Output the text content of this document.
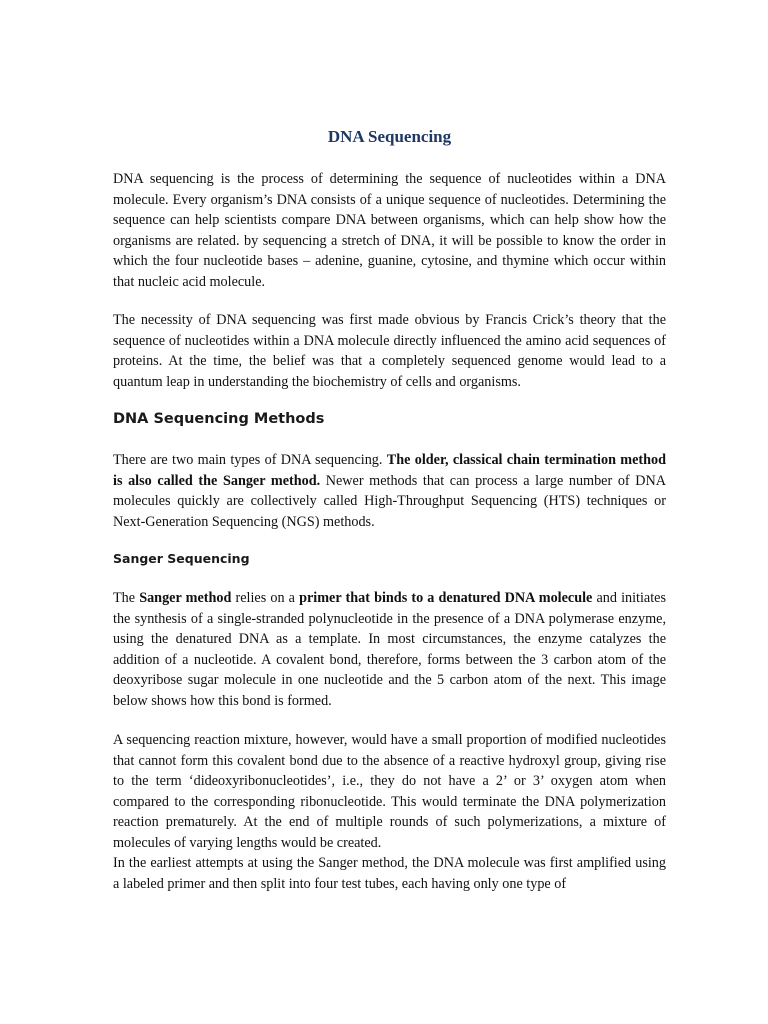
DNA Sequencing

DNA sequencing is the process of determining the sequence of nucleotides within a DNA molecule. Every organism’s DNA consists of a unique sequence of nucleotides. Determining the sequence can help scientists compare DNA between organisms, which can help show how the organisms are related. by sequencing a stretch of DNA, it will be possible to know the order in which the four nucleotide bases – adenine, guanine, cytosine, and thymine which occur within that nucleic acid molecule.

The necessity of DNA sequencing was first made obvious by Francis Crick’s theory that the sequence of nucleotides within a DNA molecule directly influenced the amino acid sequences of proteins. At the time, the belief was that a completely sequenced genome would lead to a quantum leap in understanding the biochemistry of cells and organisms.

DNA Sequencing Methods

There are two main types of DNA sequencing. The older, classical chain termination method is also called the Sanger method. Newer methods that can process a large number of DNA molecules quickly are collectively called High-Throughput Sequencing (HTS) techniques or Next-Generation Sequencing (NGS) methods.

Sanger Sequencing

The Sanger method relies on a primer that binds to a denatured DNA molecule and initiates the synthesis of a single-stranded polynucleotide in the presence of a DNA polymerase enzyme, using the denatured DNA as a template. In most circumstances, the enzyme catalyzes the addition of a nucleotide. A covalent bond, therefore, forms between the 3 carbon atom of the deoxyribose sugar molecule in one nucleotide and the 5 carbon atom of the next. This image below shows how this bond is formed.

A sequencing reaction mixture, however, would have a small proportion of modified nucleotides that cannot form this covalent bond due to the absence of a reactive hydroxyl group, giving rise to the term ‘dideoxyribonucleotides’, i.e., they do not have a 2’ or 3’ oxygen atom when compared to the corresponding ribonucleotide. This would terminate the DNA polymerization reaction prematurely. At the end of multiple rounds of such polymerizations, a mixture of molecules of varying lengths would be created.
In the earliest attempts at using the Sanger method, the DNA molecule was first amplified using a labeled primer and then split into four test tubes, each having only one type of
